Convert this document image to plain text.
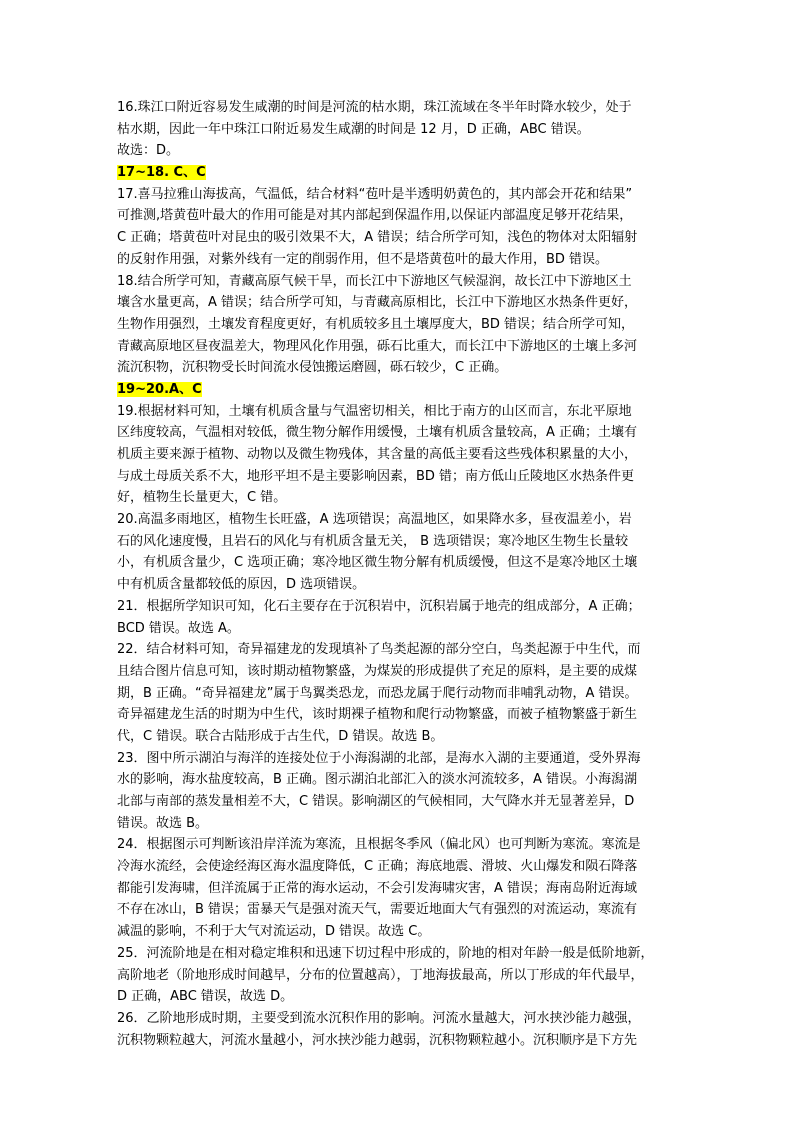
16.珠江口附近容易发生咸潮的时间是河流的枯水期，珠江流域在冬半年时降水较少，处于
枯水期，因此一年中珠江口附近易发生咸潮的时间是 12 月，D 正确，ABC 错误。
故选：D。
17~18. C、C
17.喜马拉雅山海拔高，气温低，结合材料“苞叶是半透明奶黄色的，其内部会开花和结果”
可推测,塔黄苞叶最大的作用可能是对其内部起到保温作用,以保证内部温度足够开花结果，
C 正确；塔黄苞叶对昆虫的吸引效果不大，A 错误；结合所学可知，浅色的物体对太阳辐射
的反射作用强，对紫外线有一定的削弱作用，但不是塔黄苞叶的最大作用，BD 错误。
18.结合所学可知，青藏高原气候干旱，而长江中下游地区气候湿润，故长江中下游地区土
壤含水量更高，A 错误；结合所学可知，与青藏高原相比，长江中下游地区水热条件更好，
生物作用强烈，土壤发育程度更好，有机质较多且土壤厚度大，BD 错误；结合所学可知，
青藏高原地区昼夜温差大，物理风化作用强，砾石比重大，而长江中下游地区的土壤上多河
流沉积物，沉积物受长时间流水侵蚀搬运磨圆，砾石较少，C 正确。
19~20.A、C
19.根据材料可知，土壤有机质含量与气温密切相关，相比于南方的山区而言，东北平原地
区纬度较高，气温相对较低，微生物分解作用缓慢，土壤有机质含量较高，A 正确；土壤有
机质主要来源于植物、动物以及微生物残体，其含量的高低主要看这些残体积累量的大小，
与成土母质关系不大，地形平坦不是主要影响因素，BD 错；南方低山丘陵地区水热条件更
好，植物生长量更大，C 错。
20.高温多雨地区，植物生长旺盛，A 选项错误；高温地区，如果降水多，昼夜温差小，岩
石的风化速度慢，且岩石的风化与有机质含量无关， B 选项错误；寒冷地区生物生长量较
小，有机质含量少，C 选项正确；寒冷地区微生物分解有机质缓慢，但这不是寒冷地区土壤
中有机质含量都较低的原因，D 选项错误。
21．根据所学知识可知，化石主要存在于沉积岩中，沉积岩属于地壳的组成部分，A 正确；
BCD 错误。故选 A。
22．结合材料可知，奇异福建龙的发现填补了鸟类起源的部分空白，鸟类起源于中生代，而
且结合图片信息可知，该时期动植物繁盛，为煤炭的形成提供了充足的原料，是主要的成煤
期，B 正确。“奇异福建龙”属于鸟翼类恐龙，而恐龙属于爬行动物而非哺乳动物，A 错误。
奇异福建龙生活的时期为中生代，该时期裸子植物和爬行动物繁盛，而被子植物繁盛于新生
代，C 错误。联合古陆形成于古生代，D 错误。故选 B。
23．图中所示湖泊与海洋的连接处位于小海潟湖的北部，是海水入湖的主要通道，受外界海
水的影响，海水盐度较高，B 正确。图示湖泊北部汇入的淡水河流较多，A 错误。小海潟湖
北部与南部的蒸发量相差不大，C 错误。影响湖区的气候相同，大气降水并无显著差异，D
错误。故选 B。
24．根据图示可判断该沿岸洋流为寒流，且根据冬季风（偏北风）也可判断为寒流。寒流是
冷海水流经，会使途经海区海水温度降低，C 正确；海底地震、滑坡、火山爆发和陨石降落
都能引发海啸，但洋流属于正常的海水运动，不会引发海啸灾害，A 错误；海南岛附近海域
不存在冰山，B 错误；雷暴天气是强对流天气，需要近地面大气有强烈的对流运动，寒流有
减温的影响，不利于大气对流运动，D 错误。故选 C。
25．河流阶地是在相对稳定堆积和迅速下切过程中形成的，阶地的相对年龄一般是低阶地新，
高阶地老（阶地形成时间越早，分布的位置越高），丁地海拔最高，所以丁形成的年代最早，
D 正确，ABC 错误，故选 D。
26．乙阶地形成时期，主要受到流水沉积作用的影响。河流水量越大，河水挟沙能力越强，
沉积物颗粒越大，河流水量越小，河水挟沙能力越弱，沉积物颗粒越小。沉积顺序是下方先
